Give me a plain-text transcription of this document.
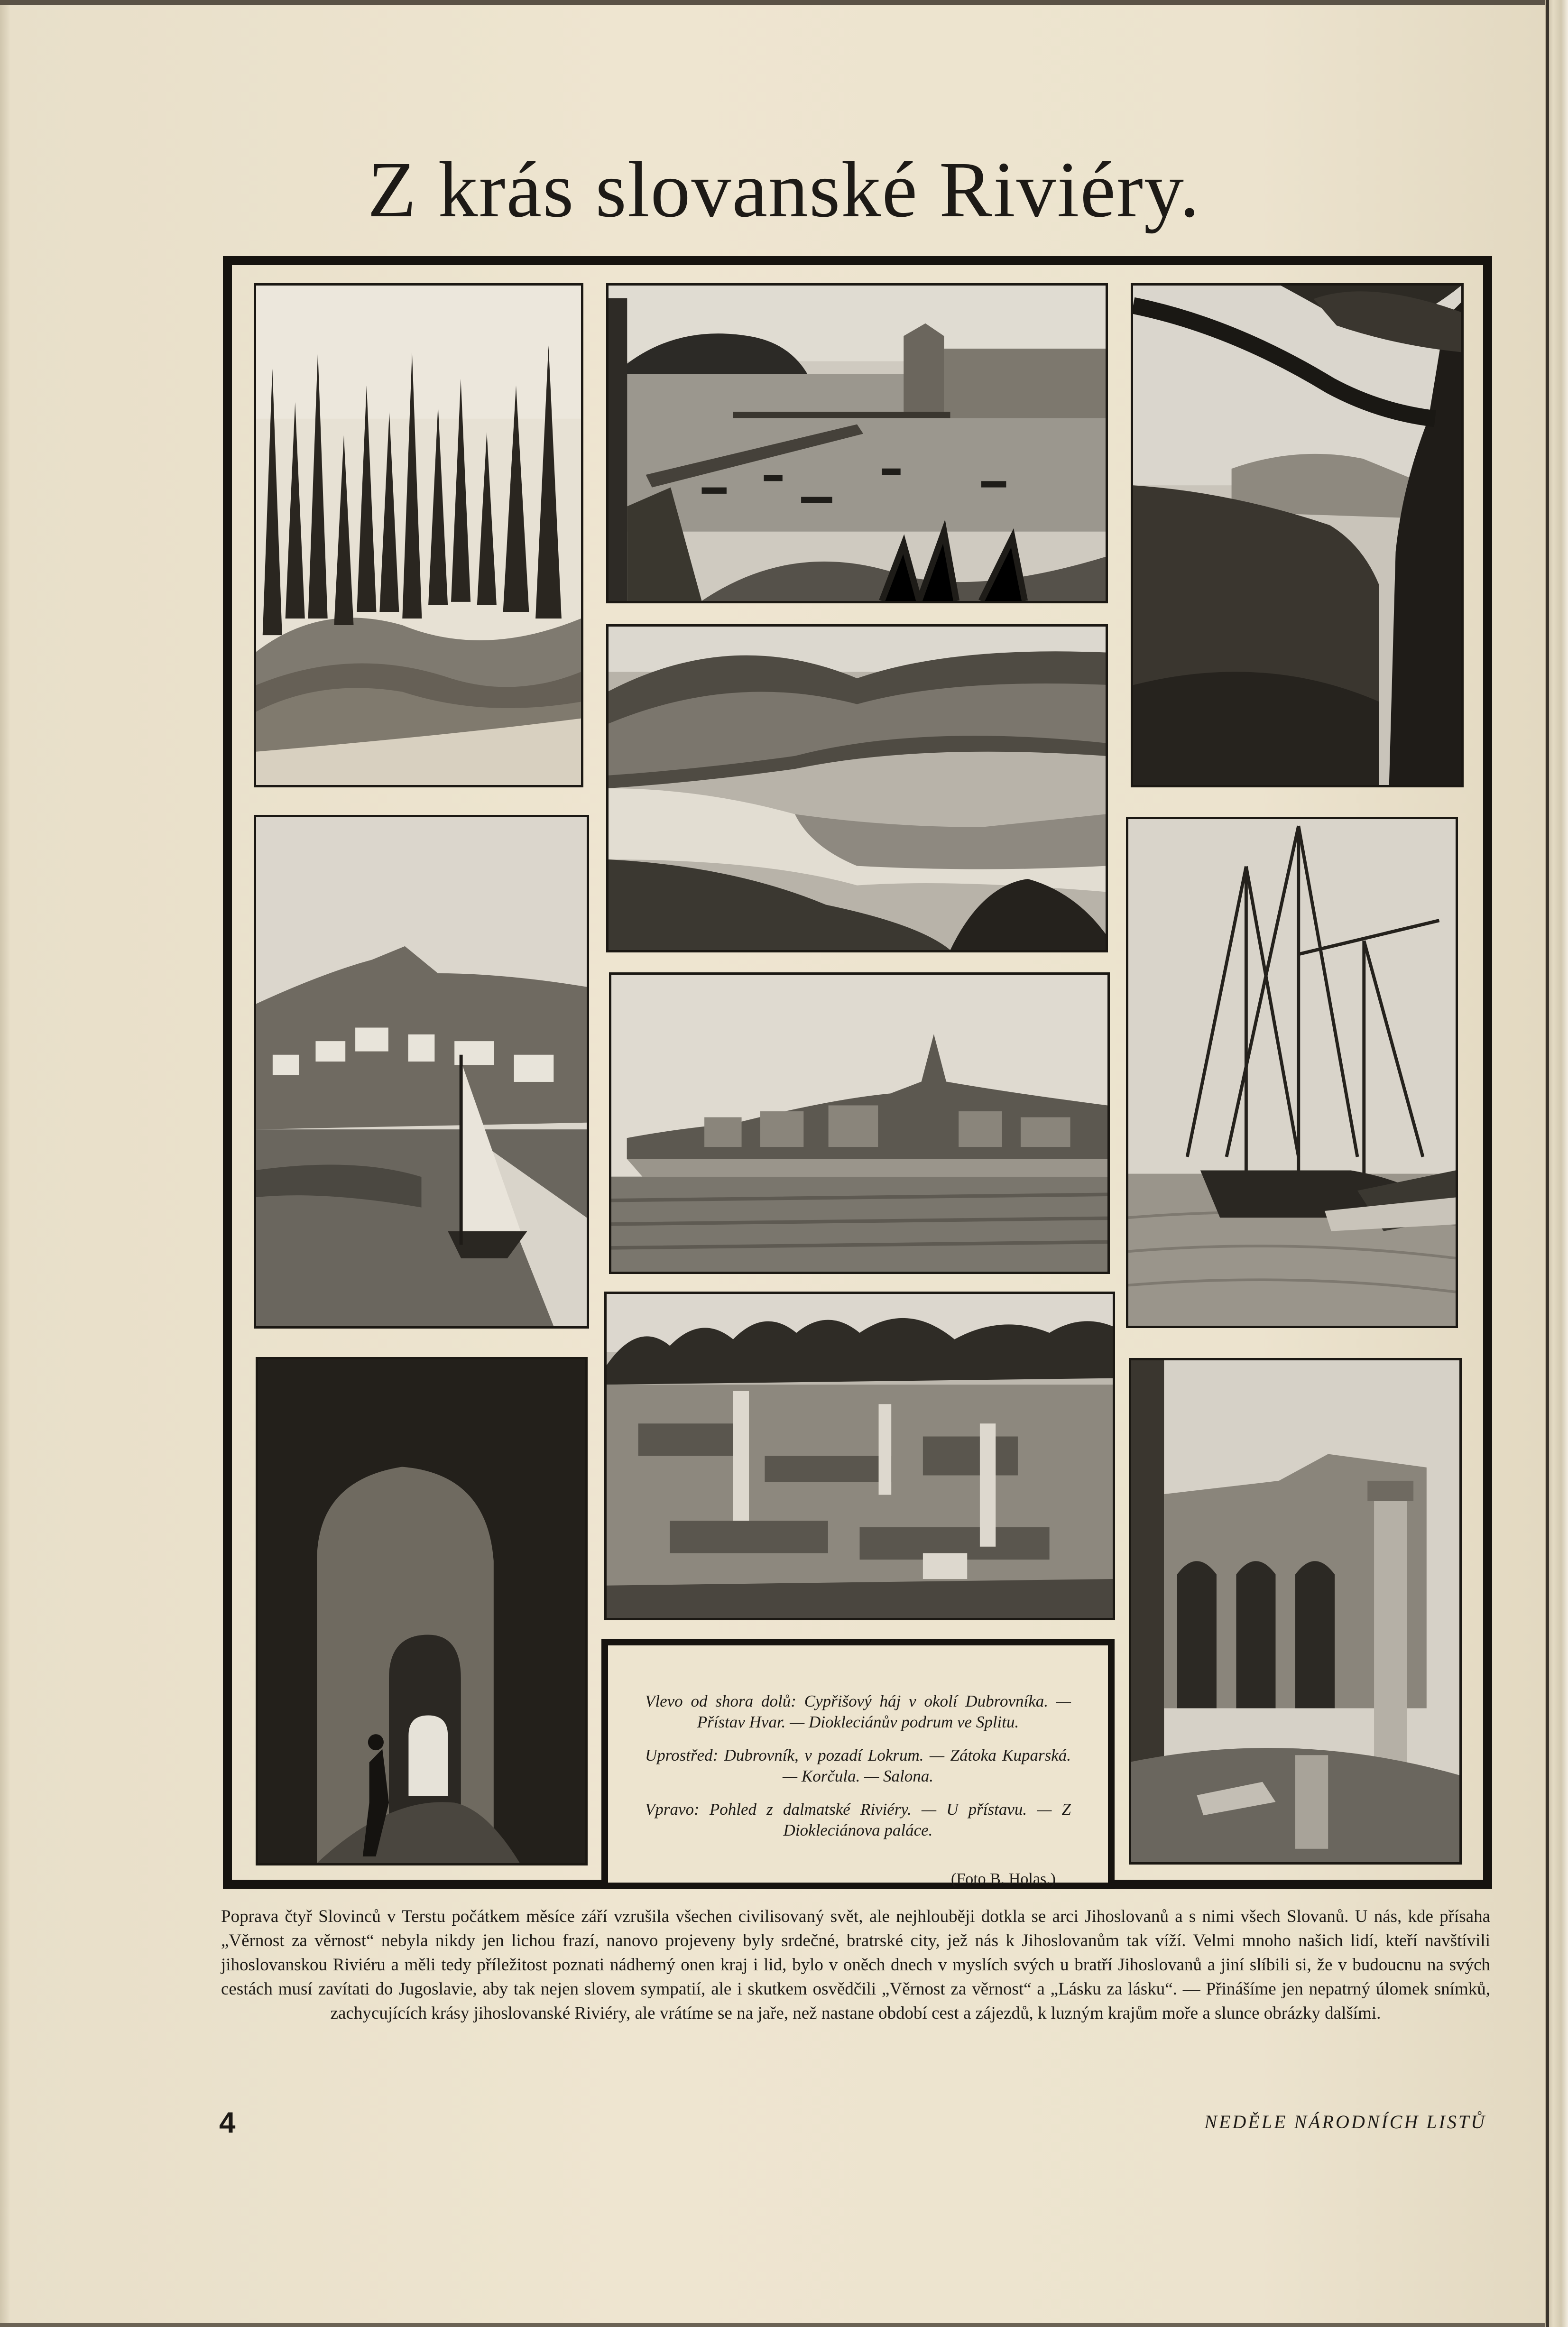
Z krás slovanské Riviéry.

Vlevo od shora dolů: Cypřišový háj v okolí Dubrovníka. — Přístav Hvar. — Diokleciánův podrum ve Splitu.

Uprostřed: Dubrovník, v pozadí Lokrum. — Zátoka Kuparská. — Korčula. — Salona.

Vpravo: Pohled z dalmatské Riviéry. — U přístavu. — Z Diokleciánova paláce.

(Foto B. Holas.)
Poprava čtyř Slovinců v Terstu počátkem měsíce září vzrušila všechen civilisovaný svět, ale nejhlouběji dotkla se arci Jihoslovanů a s nimi všech Slovanů. U nás, kde přísaha „Věrnost za věrnost“ nebyla nikdy jen lichou frazí, nanovo projeveny byly srdečné, bratrské city, jež nás k Jihoslovanům tak víží. Velmi mnoho našich lidí, kteří navštívili jihoslovanskou Riviéru a měli tedy příležitost poznati nádherný onen kraj i lid, bylo v oněch dnech v myslích svých u bratří Jihoslovanů a jiní slíbili si, že v budoucnu na svých cestách musí zavítati do Jugoslavie, aby tak nejen slovem sympatií, ale i skutkem osvědčili „Věrnost za věrnost“ a „Lásku za lásku“. — Přinášíme jen nepatrný úlomek snímků, zachycujících krásy jihoslovanské Riviéry, ale vrátíme se na jaře, než nastane období cest a zájezdů, k luzným krajům moře a slunce obrázky dalšími.
4	NEDĚLE NÁRODNÍCH LISTŮ
